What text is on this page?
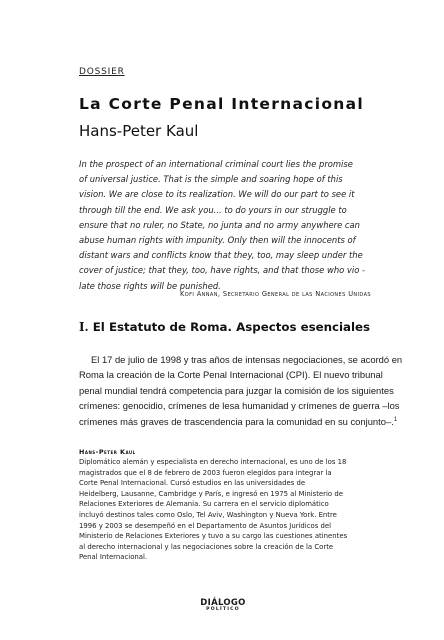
DOSSIER
La Corte Penal Internacional
Hans-Peter Kaul
In the prospect of an international criminal court lies the promise
of universal justice. That is the simple and soaring hope of this
vision. We are close to its realization. We will do our part to see it
through till the end. We ask you... to do yours in our struggle to
ensure that no ruler, no State, no junta and no army anywhere can
abuse human rights with impunity. Only then will the innocents of
distant wars and conflicts know that they, too, may sleep under the
cover of justice; that they, too, have rights, and that those who vio -
late those rights will be punished.
Kofi Annan, Secretario General de las Naciones Unidas
I. El Estatuto de Roma. Aspectos esenciales
El 17 de julio de 1998 y tras años de intensas negociaciones, se acordó en
Roma la creación de la Corte Penal Internacional (CPI). El nuevo tribunal
penal mundial tendrá competencia para juzgar la comisión de los siguientes
crímenes: genocidio, crímenes de lesa humanidad y crímenes de guerra –los
crímenes más graves de trascendencia para la comunidad en su conjunto–.$^1$
Hans-Peter Kaul
Diplomático alemán y especialista en derecho internacional, es uno de los 18
magistrados que el 8 de febrero de 2003 fueron elegidos para integrar la
Corte Penal Internacional. Cursó estudios en las universidades de
Heidelberg, Lausanne, Cambridge y París, e ingresó en 1975 al Ministerio de
Relaciones Exteriores de Alemania. Su carrera en el servicio diplomático
incluyó destinos tales como Oslo, Tel Aviv, Washington y Nueva York. Entre
1996 y 2003 se desempeñó en el Departamento de Asuntos Jurídicos del
Ministerio de Relaciones Exteriores y tuvo a su cargo las cuestiones atinentes
al derecho internacional y las negociaciones sobre la creación de la Corte
Penal Internacional.
DIÁLOGO
POLÍTICO
